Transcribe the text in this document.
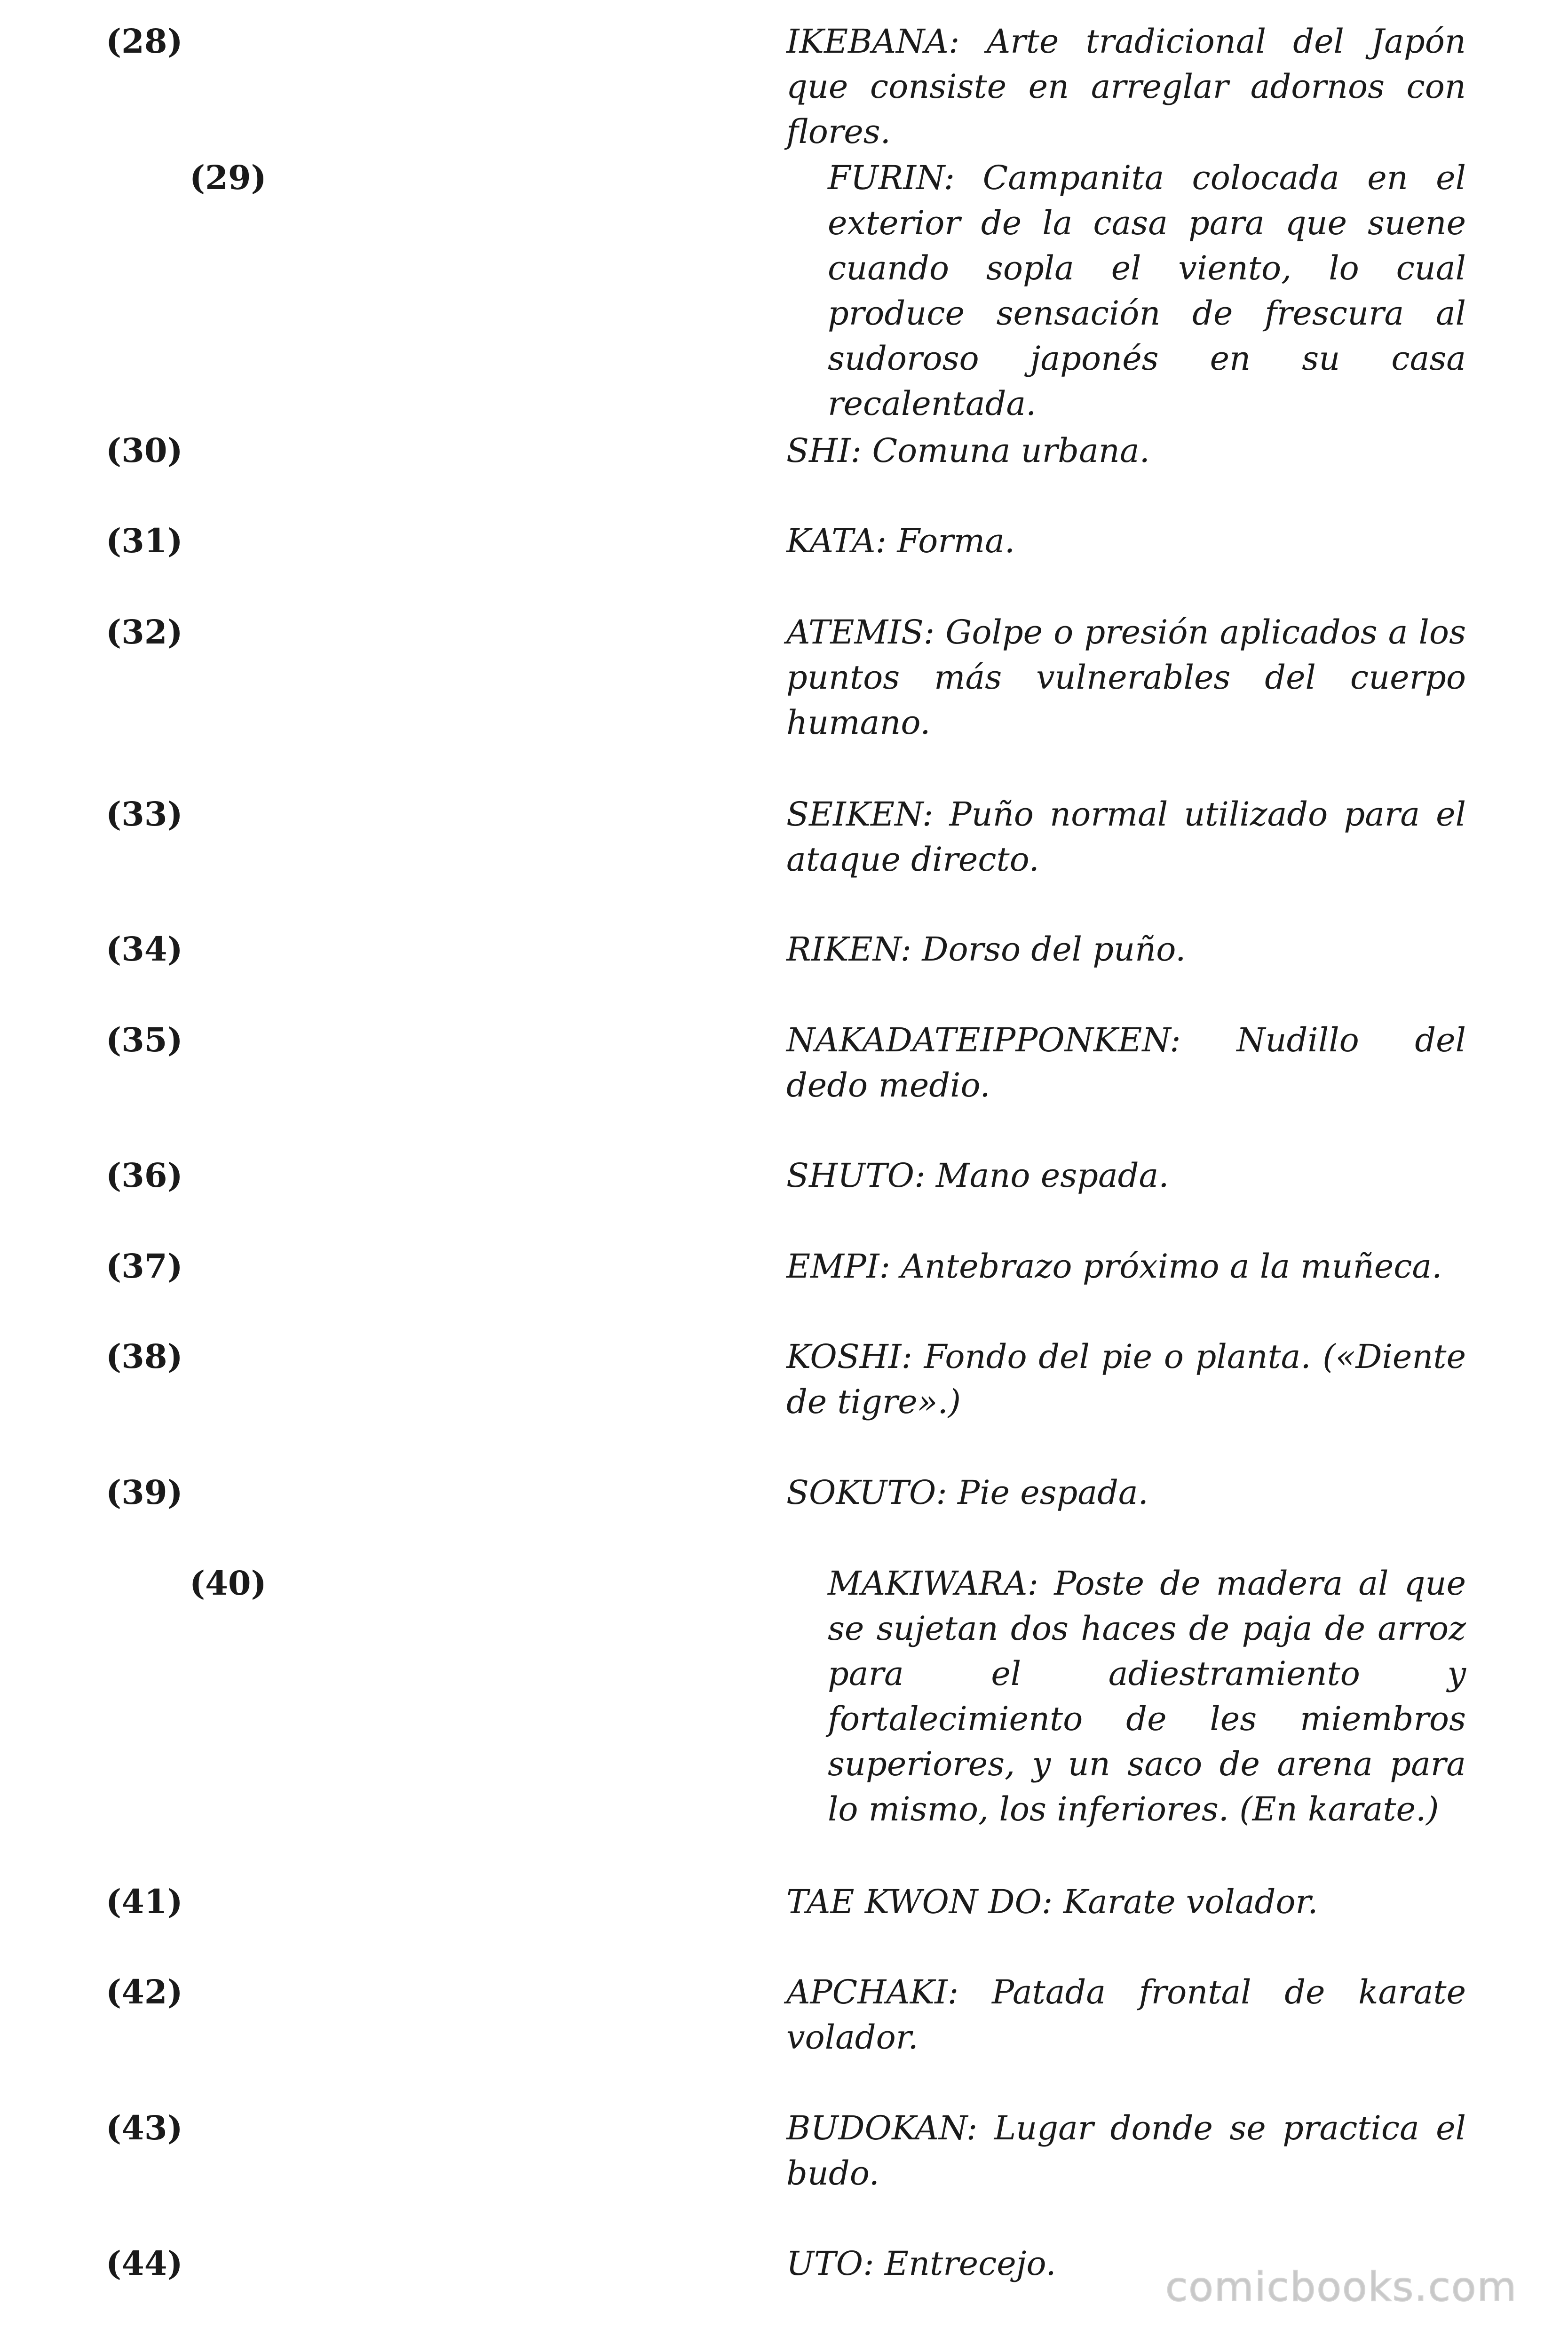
(28)	IKEBANA: Arte tradicional del Japón que consiste en arreglar adornos con flores.
(29)	FURIN: Campanita colocada en el exterior de la casa para que suene cuando sopla el viento, lo cual produce sensación de frescura al sudoroso japonés en su casa recalentada.
(30)	SHI: Comuna urbana.
(31)	KATA: Forma.
(32)	ATEMIS: Golpe o presión aplicados a los puntos más vulnerables del cuerpo humano.
(33)	SEIKEN: Puño normal utilizado para el ataque directo.
(34)	RIKEN: Dorso del puño.
(35)	NAKADATEIPPONKEN: Nudillo del dedo medio.
(36)	SHUTO: Mano espada.
(37)	EMPI: Antebrazo próximo a la muñeca.
(38)	KOSHI: Fondo del pie o planta. («Diente de tigre».)
(39)	SOKUTO: Pie espada.
(40)	MAKIWARA: Poste de madera al que se sujetan dos haces de paja de arroz para el adiestramiento y fortalecimiento de les miembros superiores, y un saco de arena para lo mismo, los inferiores. (En karate.)
(41)	TAE KWON DO: Karate volador.
(42)	APCHAKI: Patada frontal de karate volador.
(43)	BUDOKAN: Lugar donde se practica el budo.
(44)	UTO: Entrecejo.	comicbooks.com
